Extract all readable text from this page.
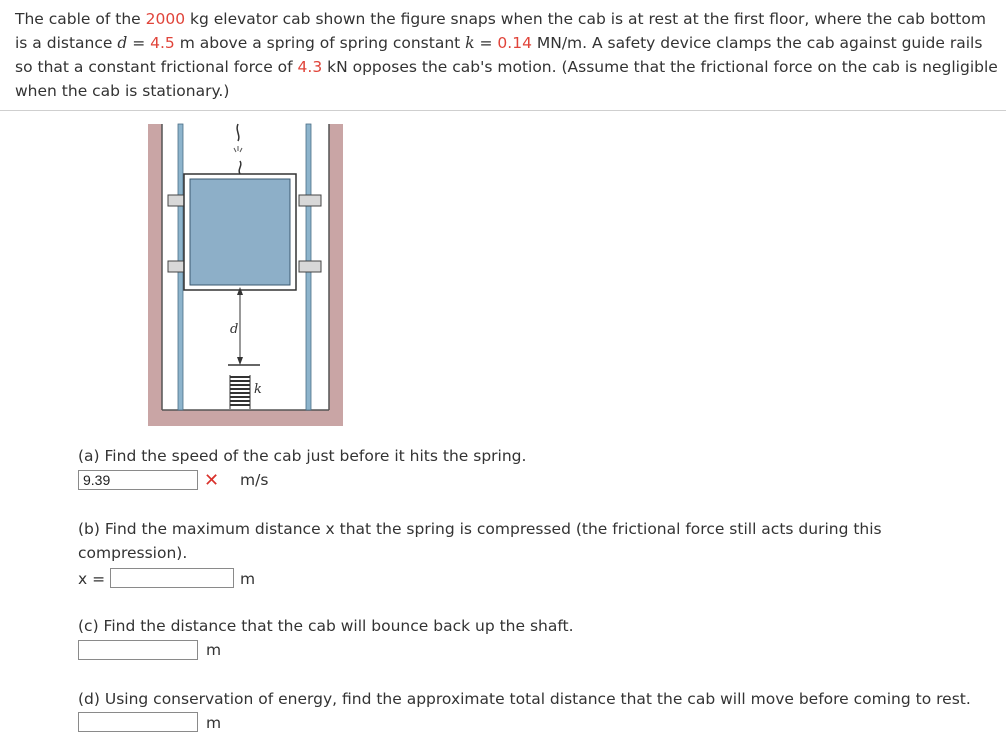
The cable of the 2000 kg elevator cab shown the figure snaps when the cab is at rest at the first floor, where the cab bottom is a distance d = 4.5 m above a spring of spring constant k = 0.14 MN/m. A safety device clamps the cab against guide rails so that a constant frictional force of 4.3 kN opposes the cab's motion. (Assume that the frictional force on the cab is negligible when the cab is stationary.)
d
k
(a) Find the speed of the cab just before it hits the spring.
9.39
✕ m/s
(b) Find the maximum distance x that the spring is compressed (the frictional force still acts during this compression).
x =	m
(c) Find the distance that the cab will bounce back up the shaft.
m
(d) Using conservation of energy, find the approximate total distance that the cab will move before coming to rest.
m
